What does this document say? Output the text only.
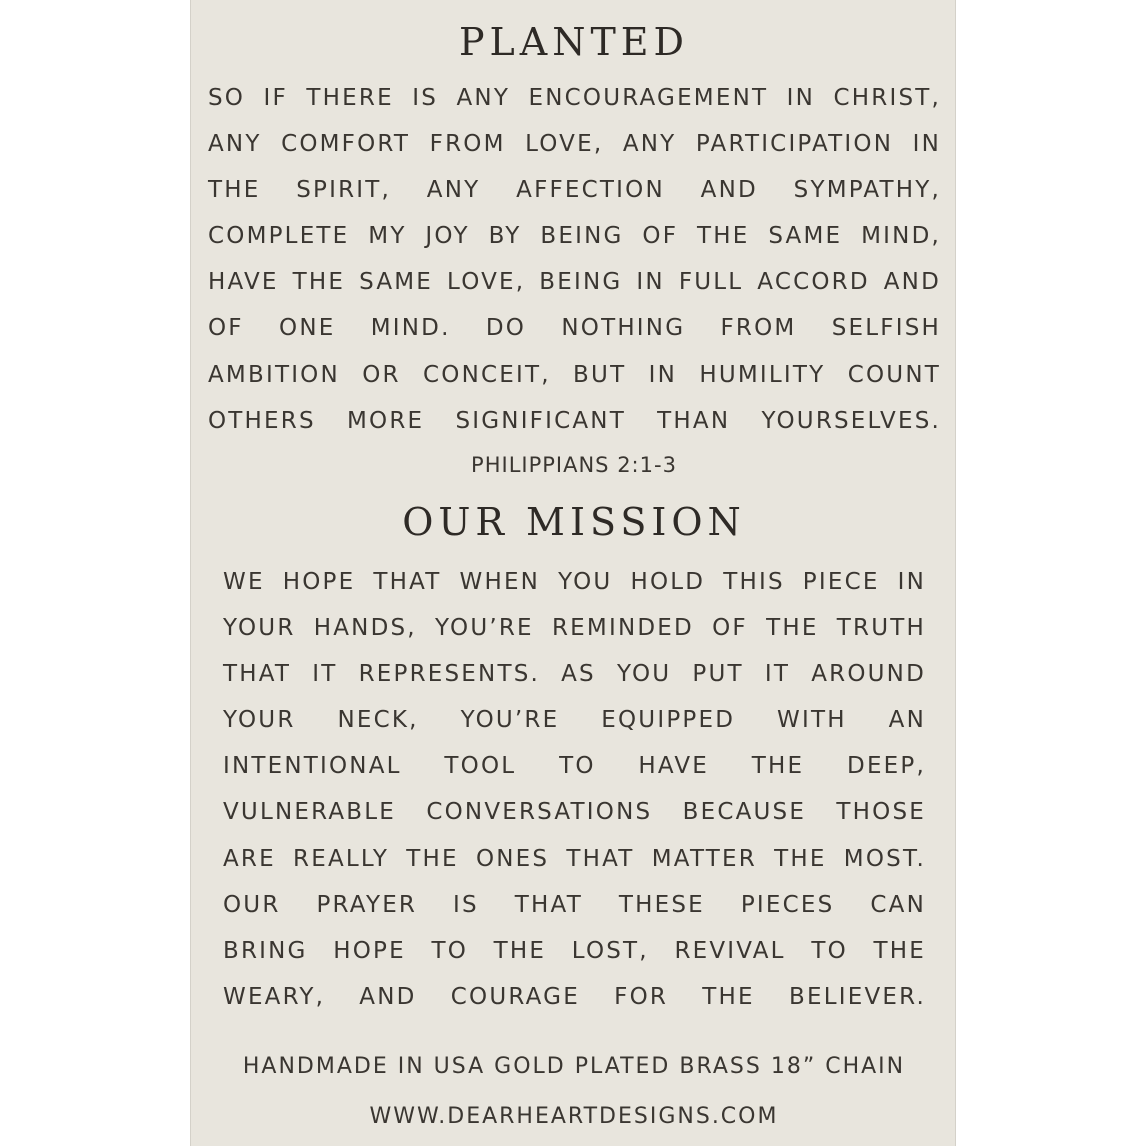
PLANTED
SO IF THERE IS ANY ENCOURAGEMENT IN CHRIST,
ANY COMFORT FROM LOVE, ANY PARTICIPATION IN
THE SPIRIT, ANY AFFECTION AND SYMPATHY,
COMPLETE MY JOY BY BEING OF THE SAME MIND,
HAVE THE SAME LOVE, BEING IN FULL ACCORD AND
OF ONE MIND. DO NOTHING FROM SELFISH
AMBITION OR CONCEIT, BUT IN HUMILITY COUNT
OTHERS MORE SIGNIFICANT THAN YOURSELVES.
PHILIPPIANS 2:1-3
OUR MISSION
WE HOPE THAT WHEN YOU HOLD THIS PIECE IN
YOUR HANDS, YOU’RE REMINDED OF THE TRUTH
THAT IT REPRESENTS. AS YOU PUT IT AROUND
YOUR NECK, YOU’RE EQUIPPED WITH AN
INTENTIONAL TOOL TO HAVE THE DEEP,
VULNERABLE CONVERSATIONS BECAUSE THOSE
ARE REALLY THE ONES THAT MATTER THE MOST.
OUR PRAYER IS THAT THESE PIECES CAN
BRING HOPE TO THE LOST, REVIVAL TO THE
WEARY, AND COURAGE FOR THE BELIEVER.
HANDMADE IN USA GOLD PLATED BRASS 18” CHAIN
WWW.DEARHEARTDESIGNS.COM
